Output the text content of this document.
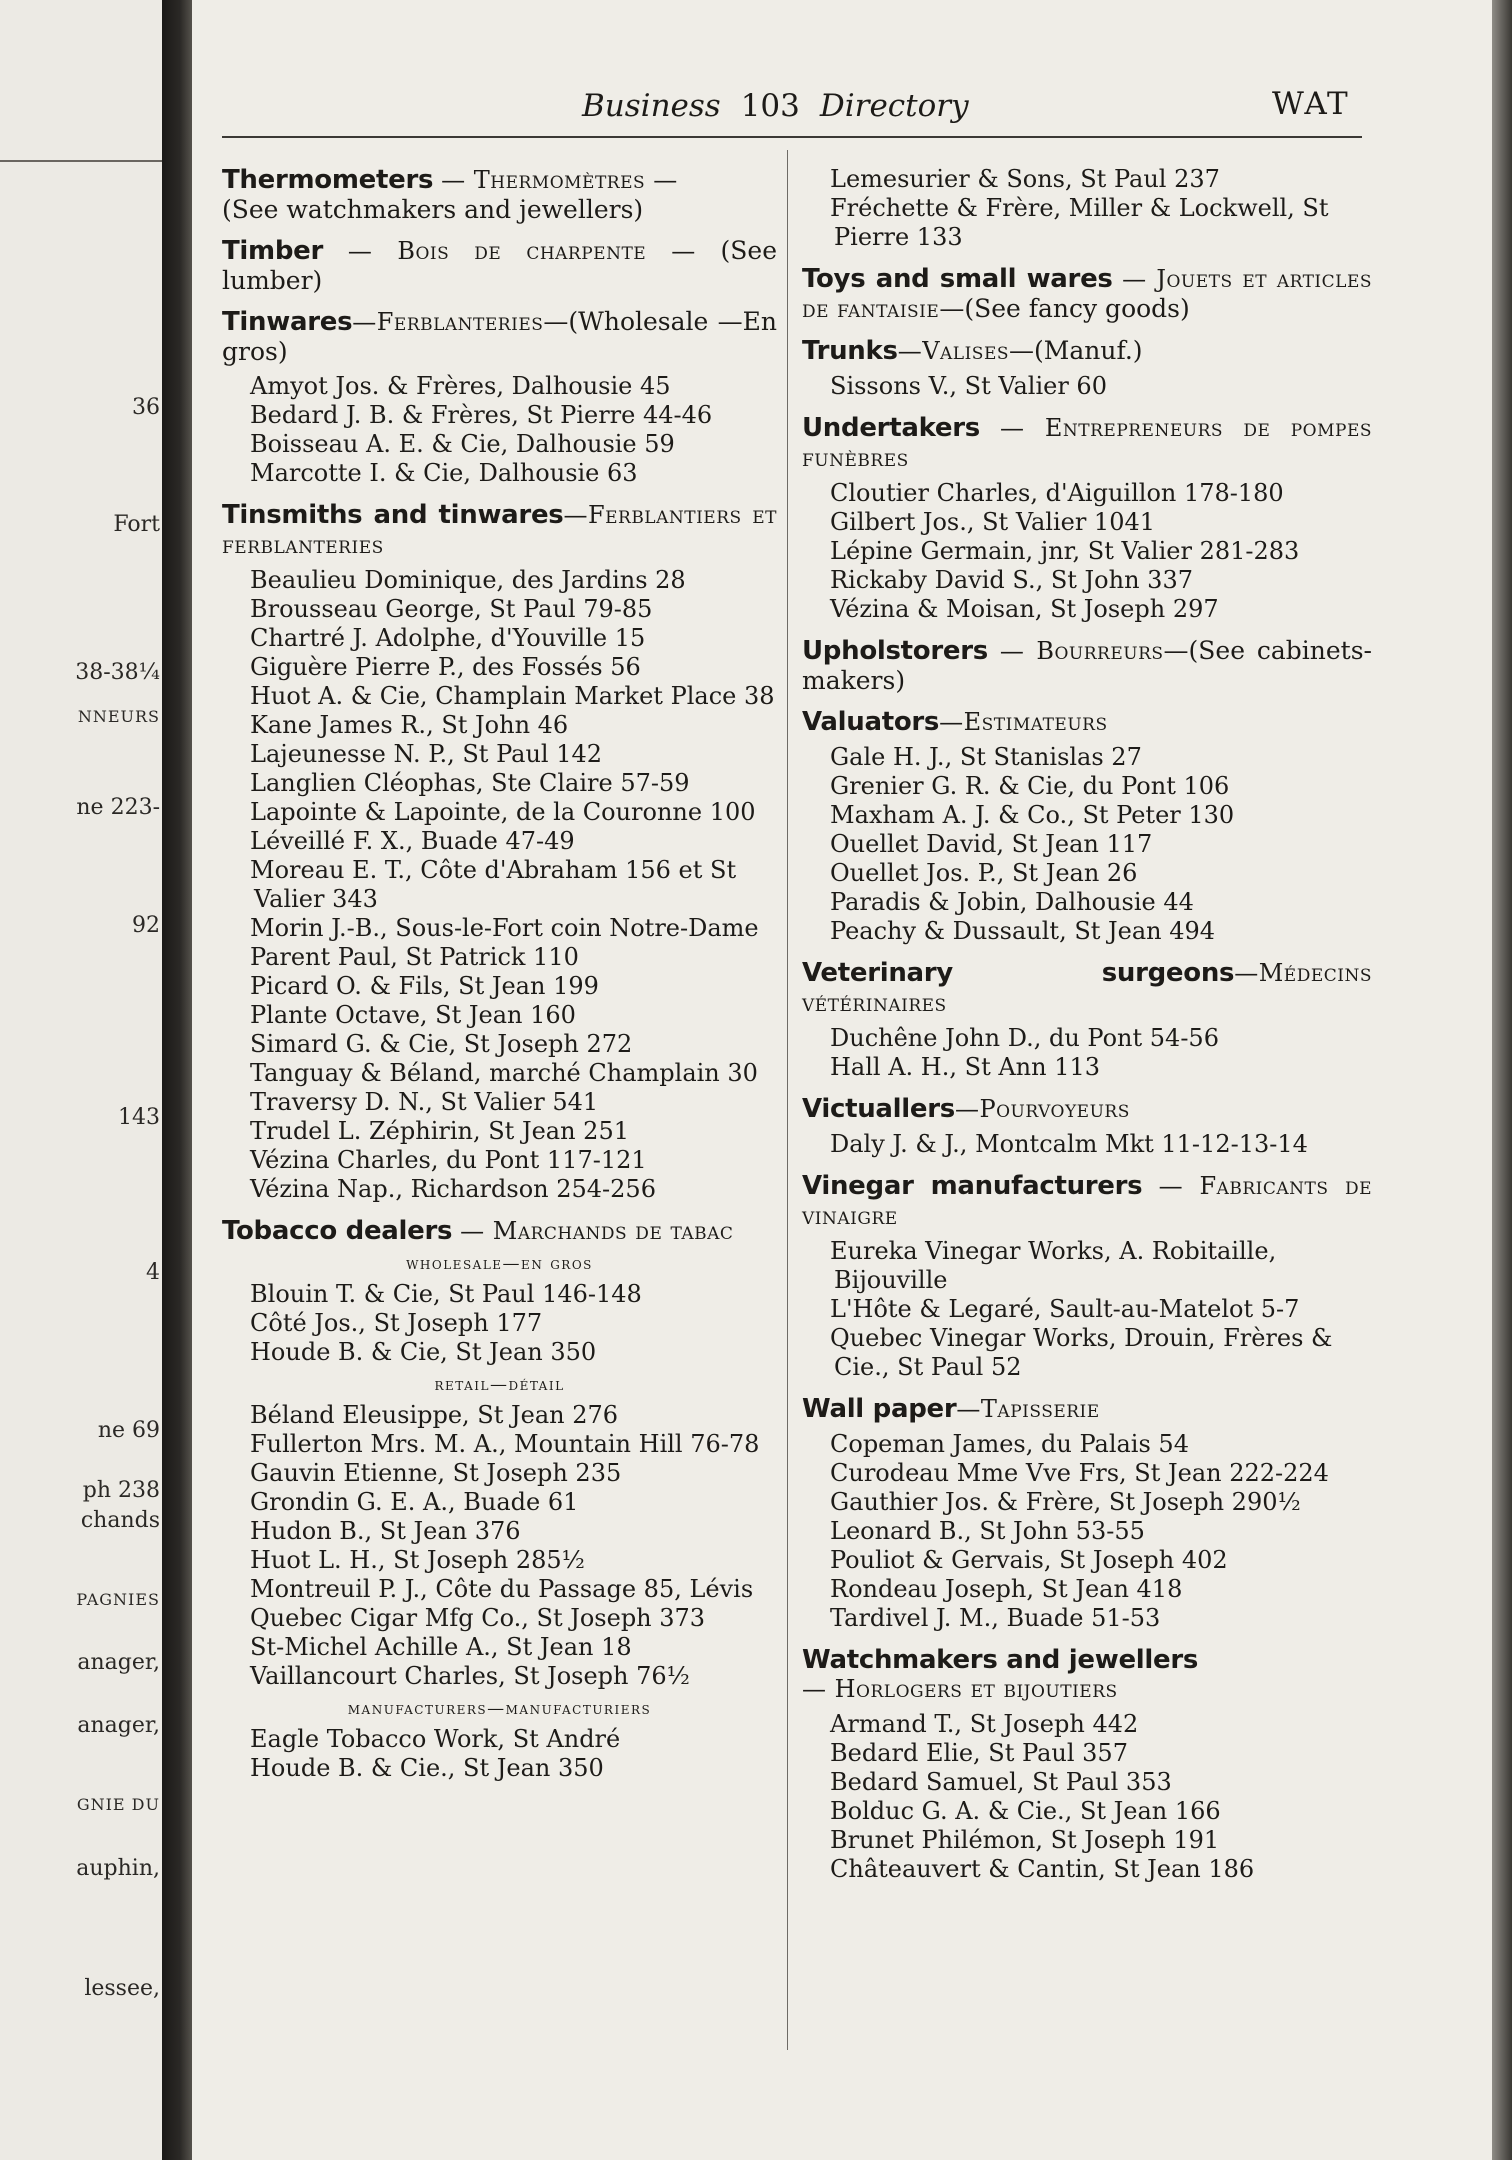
36
Fort
38-38¼
NNEURS
ne 223-
92
143
4
ne 69
ph 238
chands
PAGNIES
anager,
anager,
GNIE DU
auphin,
lessee,
Business 103 Directory	WAT
Thermometers — Thermomètres —
(See watchmakers and jewellers)
Timber — Bois de charpente — (See lumber)
Tinwares—Ferblanteries—(Wholesale —En gros)
Amyot Jos. & Frères, Dalhousie 45
Bedard J. B. & Frères, St Pierre 44-46
Boisseau A. E. & Cie, Dalhousie 59
Marcotte I. & Cie, Dalhousie 63
Tinsmiths and tinwares—Ferblantiers et ferblanteries
Beaulieu Dominique, des Jardins 28
Brousseau George, St Paul 79-85
Chartré J. Adolphe, d'Youville 15
Giguère Pierre P., des Fossés 56
Huot A. & Cie, Champlain Market Place 38
Kane James R., St John 46
Lajeunesse N. P., St Paul 142
Langlien Cléophas, Ste Claire 57-59
Lapointe & Lapointe, de la Couronne 100
Léveillé F. X., Buade 47-49
Moreau E. T., Côte d'Abraham 156 et St Valier 343
Morin J.-B., Sous-le-Fort coin Notre-Dame
Parent Paul, St Patrick 110
Picard O. & Fils, St Jean 199
Plante Octave, St Jean 160
Simard G. & Cie, St Joseph 272
Tanguay & Béland, marché Champlain 30
Traversy D. N., St Valier 541
Trudel L. Zéphirin, St Jean 251
Vézina Charles, du Pont 117-121
Vézina Nap., Richardson 254-256
Tobacco dealers — Marchands de tabac
wholesale—en gros
Blouin T. & Cie, St Paul 146-148
Côté Jos., St Joseph 177
Houde B. & Cie, St Jean 350
retail—détail
Béland Eleusippe, St Jean 276
Fullerton Mrs. M. A., Mountain Hill 76-78
Gauvin Etienne, St Joseph 235
Grondin G. E. A., Buade 61
Hudon B., St Jean 376
Huot L. H., St Joseph 285½
Montreuil P. J., Côte du Passage 85, Lévis
Quebec Cigar Mfg Co., St Joseph 373
St-Michel Achille A., St Jean 18
Vaillancourt Charles, St Joseph 76½
manufacturers—manufacturiers
Eagle Tobacco Work, St André
Houde B. & Cie., St Jean 350
Lemesurier & Sons, St Paul 237
Fréchette & Frère, Miller & Lockwell, St Pierre 133
Toys and small wares — Jouets et articles de fantaisie—(See fancy goods)
Trunks—Valises—(Manuf.)
Sissons V., St Valier 60
Undertakers — Entrepreneurs de pompes funèbres
Cloutier Charles, d'Aiguillon 178-180
Gilbert Jos., St Valier 1041
Lépine Germain, jnr, St Valier 281-283
Rickaby David S., St John 337
Vézina & Moisan, St Joseph 297
Upholstorers — Bourreurs—(See cabinets-makers)
Valuators—Estimateurs
Gale H. J., St Stanislas 27
Grenier G. R. & Cie, du Pont 106
Maxham A. J. & Co., St Peter 130
Ouellet David, St Jean 117
Ouellet Jos. P., St Jean 26
Paradis & Jobin, Dalhousie 44
Peachy & Dussault, St Jean 494
Veterinary surgeons—Médecins vétérinaires
Duchêne John D., du Pont 54-56
Hall A. H., St Ann 113
Victuallers—Pourvoyeurs
Daly J. & J., Montcalm Mkt 11-12-13-14
Vinegar manufacturers — Fabricants de vinaigre
Eureka Vinegar Works, A. Robitaille, Bijouville
L'Hôte & Legaré, Sault-au-Matelot 5-7
Quebec Vinegar Works, Drouin, Frères & Cie., St Paul 52
Wall paper—Tapisserie
Copeman James, du Palais 54
Curodeau Mme Vve Frs, St Jean 222-224
Gauthier Jos. & Frère, St Joseph 290½
Leonard B., St John 53-55
Pouliot & Gervais, St Joseph 402
Rondeau Joseph, St Jean 418
Tardivel J. M., Buade 51-53
Watchmakers and jewellers
— Horlogers et bijoutiers
Armand T., St Joseph 442
Bedard Elie, St Paul 357
Bedard Samuel, St Paul 353
Bolduc G. A. & Cie., St Jean 166
Brunet Philémon, St Joseph 191
Châteauvert & Cantin, St Jean 186
